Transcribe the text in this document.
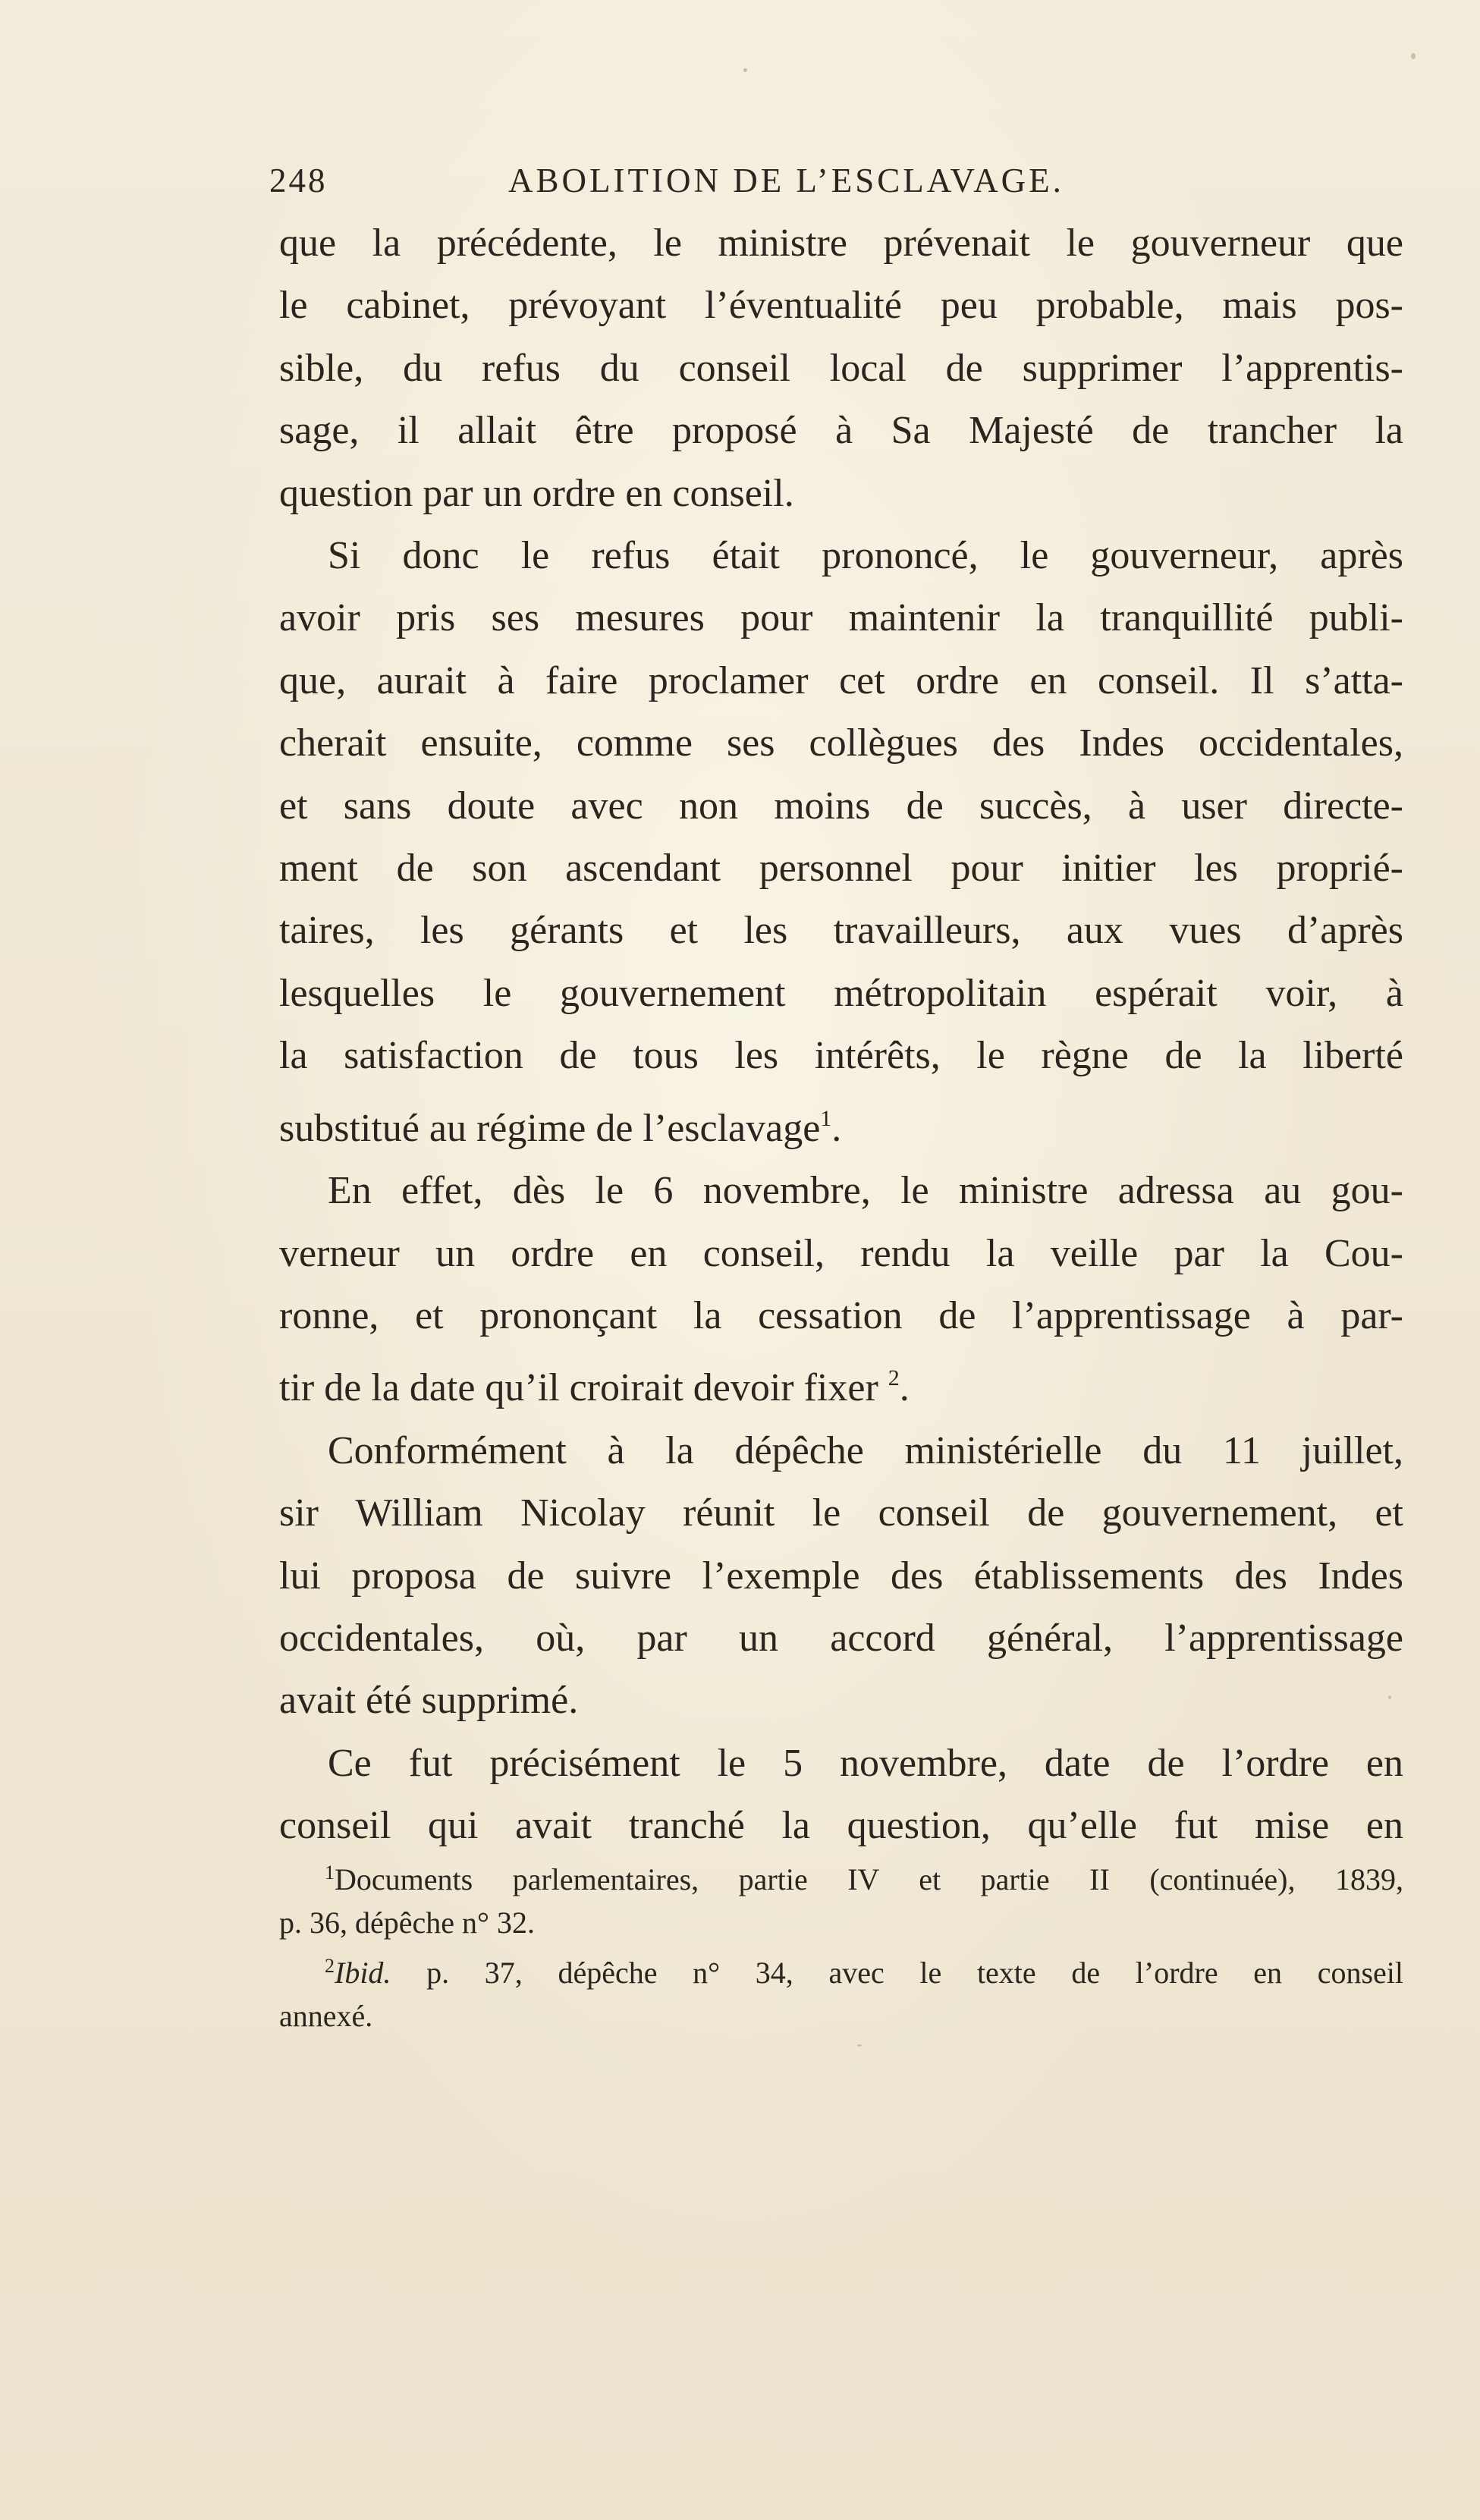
248	ABOLITION DE L’ESCLAVAGE.

que la précédente, le ministre prévenait le gouverneur que

le cabinet, prévoyant l’éventualité peu probable, mais pos-

sible, du refus du conseil local de supprimer l’apprentis-

sage, il allait être proposé à Sa Majesté de trancher la

question par un ordre en conseil.

Si donc le refus était prononcé, le gouverneur, après

avoir pris ses mesures pour maintenir la tranquillité publi-

que, aurait à faire proclamer cet ordre en conseil. Il s’atta-

cherait ensuite, comme ses collègues des Indes occidentales,

et sans doute avec non moins de succès, à user directe-

ment de son ascendant personnel pour initier les proprié-

taires, les gérants et les travailleurs, aux vues d’après

lesquelles le gouvernement métropolitain espérait voir, à

la satisfaction de tous les intérêts, le règne de la liberté

substitué au régime de l’esclavage$^1$.

En effet, dès le 6 novembre, le ministre adressa au gou-

verneur un ordre en conseil, rendu la veille par la Cou-

ronne, et prononçant la cessation de l’apprentissage à par-

tir de la date qu’il croirait devoir fixer $^2$.

Conformément à la dépêche ministérielle du 11 juillet,

sir William Nicolay réunit le conseil de gouvernement, et

lui proposa de suivre l’exemple des établissements des Indes

occidentales, où, par un accord général, l’apprentissage

avait été supprimé.

Ce fut précisément le 5 novembre, date de l’ordre en

conseil qui avait tranché la question, qu’elle fut mise en

$^1$Documents parlementaires, partie IV et partie II (continuée), 1839,

p. 36, dépêche n° 32.

$^2$Ibid. p. 37, dépêche n° 34, avec le texte de l’ordre en conseil

annexé.
